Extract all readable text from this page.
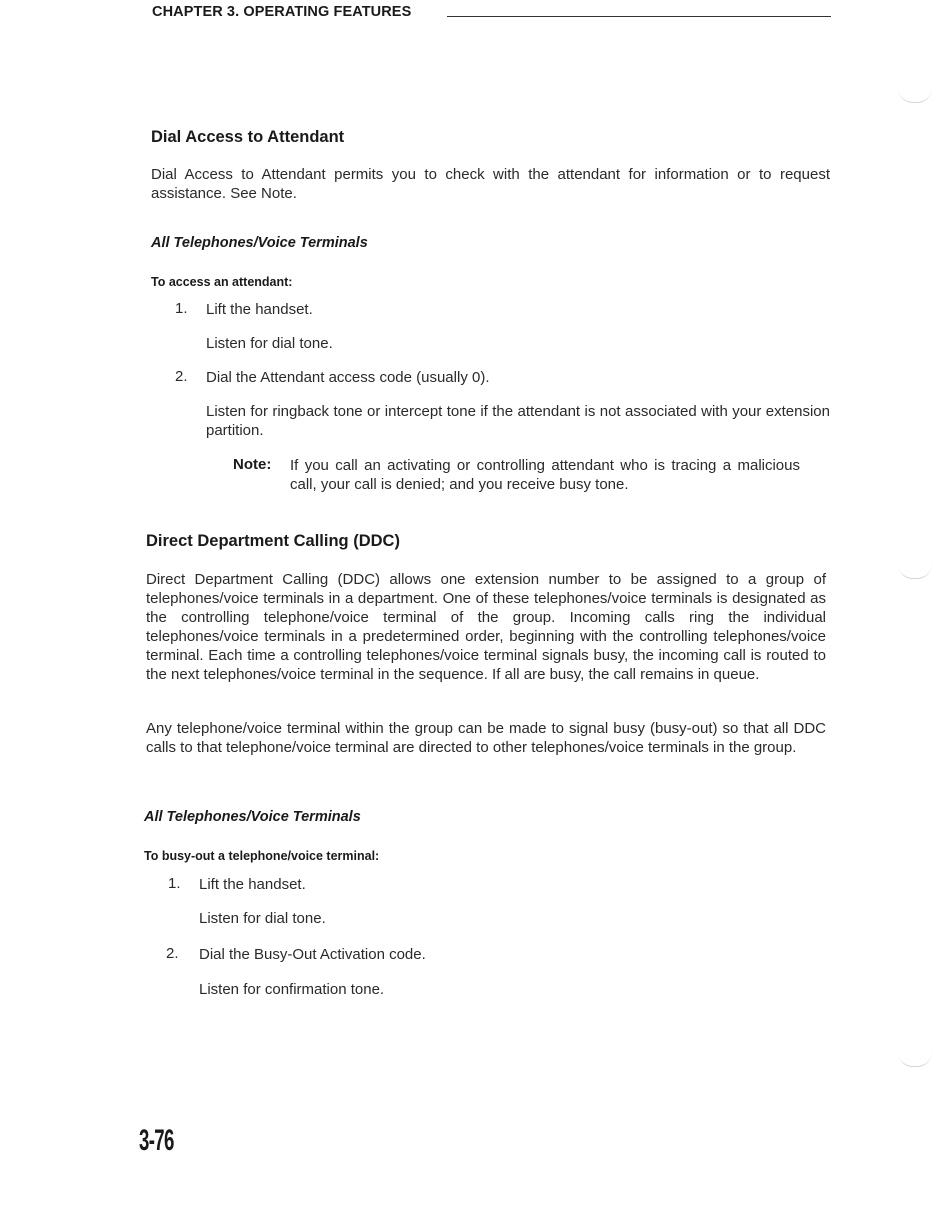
CHAPTER 3. OPERATING FEATURES
Dial Access to Attendant
Dial Access to Attendant permits you to check with the attendant for information or to request assistance. See Note.
All Telephones/Voice Terminals
To access an attendant:
1. Lift the handset.
Listen for dial tone.
2. Dial the Attendant access code (usually 0).
Listen for ringback tone or intercept tone if the attendant is not associated with your extension partition.
Note: If you call an activating or controlling attendant who is tracing a malicious call, your call is denied; and you receive busy tone.
Direct Department Calling (DDC)
Direct Department Calling (DDC) allows one extension number to be assigned to a group of telephones/voice terminals in a department. One of these telephones/voice terminals is designated as the controlling telephone/voice terminal of the group. Incoming calls ring the individual telephones/voice terminals in a predetermined order, beginning with the controlling telephones/voice terminal. Each time a controlling telephones/voice terminal signals busy, the incoming call is routed to the next telephones/voice terminal in the sequence. If all are busy, the call remains in queue.
Any telephone/voice terminal within the group can be made to signal busy (busy-out) so that all DDC calls to that telephone/voice terminal are directed to other telephones/voice terminals in the group.
All Telephones/Voice Terminals
To busy-out a telephone/voice terminal:
1. Lift the handset.
Listen for dial tone.
2. Dial the Busy-Out Activation code.
Listen for confirmation tone.
3-76
